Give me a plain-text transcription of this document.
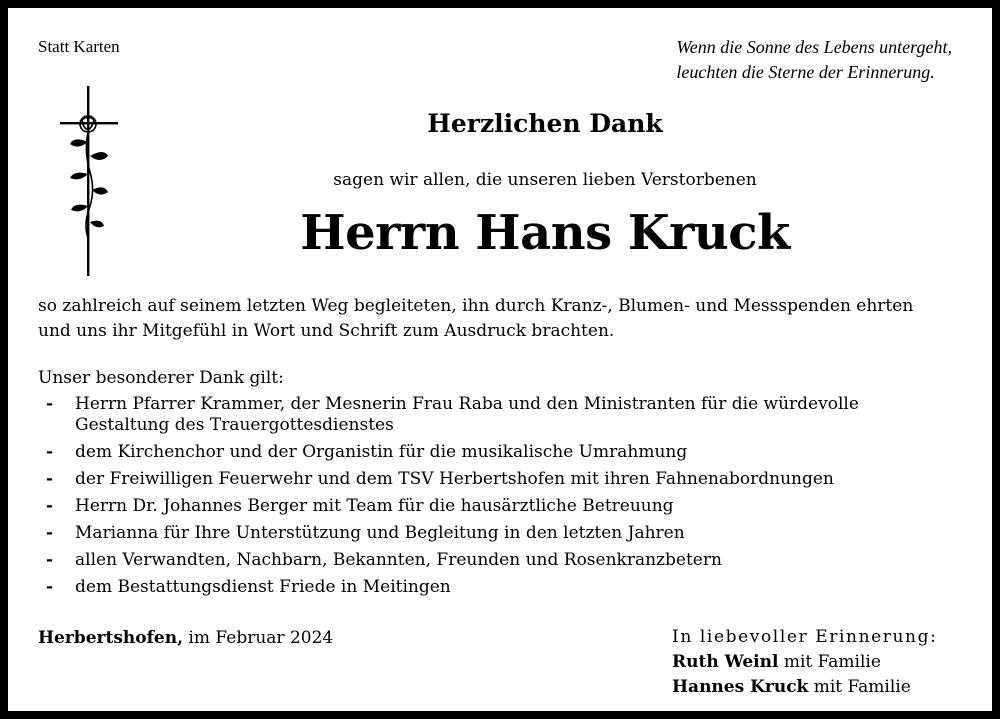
Statt Karten	Wenn die Sonne des Lebens untergeht,
leuchten die Sterne der Erinnerung.
Herzlichen Dank
sagen wir allen, die unseren lieben Verstorbenen
Herrn Hans Kruck
so zahlreich auf seinem letzten Weg begleiteten, ihn durch Kranz-, Blumen- und Messspenden ehrten
und uns ihr Mitgefühl in Wort und Schrift zum Ausdruck brachten.
Unser besonderer Dank gilt:
- Herrn Pfarrer Krammer, der Mesnerin Frau Raba und den Ministranten für die würdevolle
Gestaltung des Trauergottesdienstes
- dem Kirchenchor und der Organistin für die musikalische Umrahmung
- der Freiwilligen Feuerwehr und dem TSV Herbertshofen mit ihren Fahnenabordnungen
- Herrn Dr. Johannes Berger mit Team für die hausärztliche Betreuung
- Marianna für Ihre Unterstützung und Begleitung in den letzten Jahren
- allen Verwandten, Nachbarn, Bekannten, Freunden und Rosenkranzbetern
- dem Bestattungsdienst Friede in Meitingen
Herbertshofen, im Februar 2024	In liebevoller Erinnerung:
Ruth Weinl mit Familie
Hannes Kruck mit Familie
